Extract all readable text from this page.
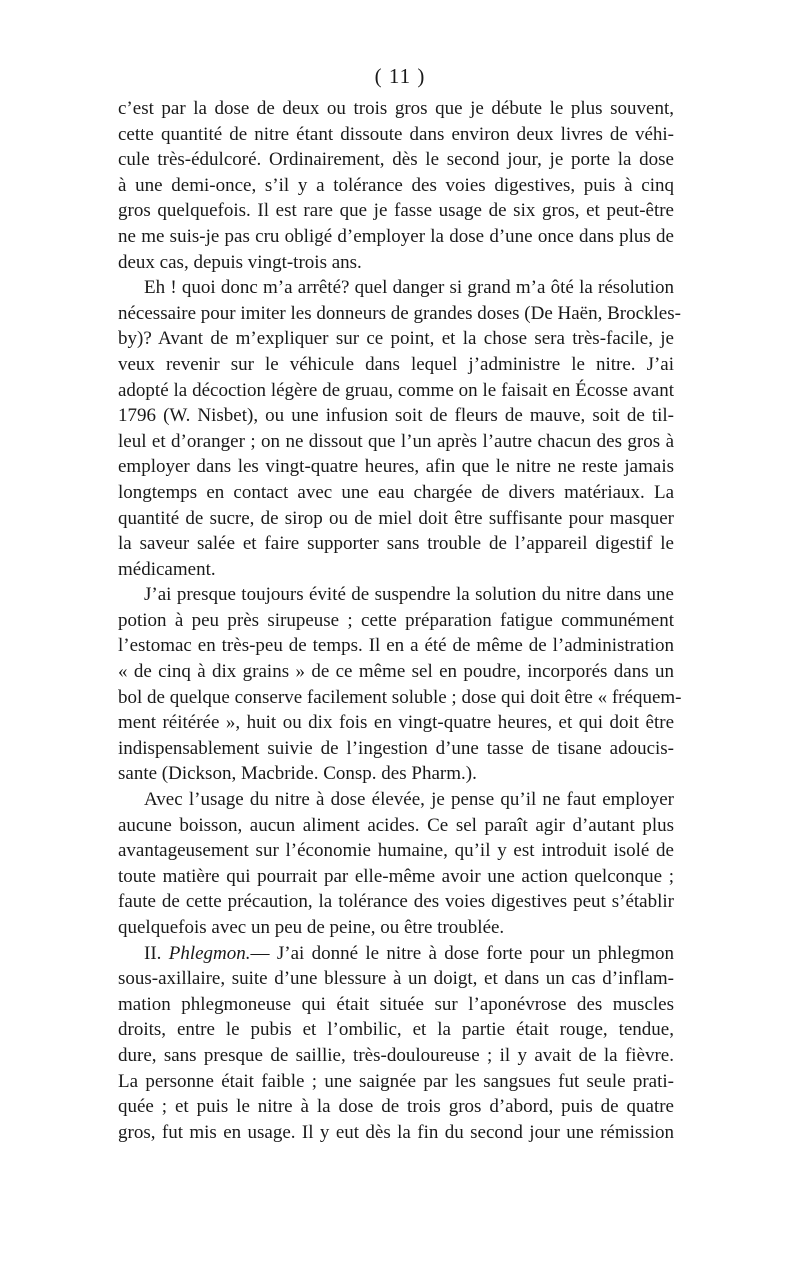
( 11 )
c’est par la dose de deux ou trois gros que je débute le plus souvent,
cette quantité de nitre étant dissoute dans environ deux livres de véhi-
cule très-édulcoré. Ordinairement, dès le second jour, je porte la dose
à une demi-once, s’il y a tolérance des voies digestives, puis à cinq
gros quelquefois. Il est rare que je fasse usage de six gros, et peut-être
ne me suis-je pas cru obligé d’employer la dose d’une once dans plus de
deux cas, depuis vingt-trois ans.
Eh ! quoi donc m’a arrêté? quel danger si grand m’a ôté la résolution
nécessaire pour imiter les donneurs de grandes doses (De Haën, Brockles-
by)? Avant de m’expliquer sur ce point, et la chose sera très-facile, je
veux revenir sur le véhicule dans lequel j’administre le nitre. J’ai
adopté la décoction légère de gruau, comme on le faisait en Écosse avant
1796 (W. Nisbet), ou une infusion soit de fleurs de mauve, soit de til-
leul et d’oranger ; on ne dissout que l’un après l’autre chacun des gros à
employer dans les vingt-quatre heures, afin que le nitre ne reste jamais
longtemps en contact avec une eau chargée de divers matériaux. La
quantité de sucre, de sirop ou de miel doit être suffisante pour masquer
la saveur salée et faire supporter sans trouble de l’appareil digestif le
médicament.
J’ai presque toujours évité de suspendre la solution du nitre dans une
potion à peu près sirupeuse ; cette préparation fatigue communément
l’estomac en très-peu de temps. Il en a été de même de l’administration
« de cinq à dix grains » de ce même sel en poudre, incorporés dans un
bol de quelque conserve facilement soluble ; dose qui doit être « fréquem-
ment réitérée », huit ou dix fois en vingt-quatre heures, et qui doit être
indispensablement suivie de l’ingestion d’une tasse de tisane adoucis-
sante (Dickson, Macbride. Consp. des Pharm.).
Avec l’usage du nitre à dose élevée, je pense qu’il ne faut employer
aucune boisson, aucun aliment acides. Ce sel paraît agir d’autant plus
avantageusement sur l’économie humaine, qu’il y est introduit isolé de
toute matière qui pourrait par elle-même avoir une action quelconque ;
faute de cette précaution, la tolérance des voies digestives peut s’établir
quelquefois avec un peu de peine, ou être troublée.
II. Phlegmon.— J’ai donné le nitre à dose forte pour un phlegmon
sous-axillaire, suite d’une blessure à un doigt, et dans un cas d’inflam-
mation phlegmoneuse qui était située sur l’aponévrose des muscles
droits, entre le pubis et l’ombilic, et la partie était rouge, tendue,
dure, sans presque de saillie, très-douloureuse ; il y avait de la fièvre.
La personne était faible ; une saignée par les sangsues fut seule prati-
quée ; et puis le nitre à la dose de trois gros d’abord, puis de quatre
gros, fut mis en usage. Il y eut dès la fin du second jour une rémission
